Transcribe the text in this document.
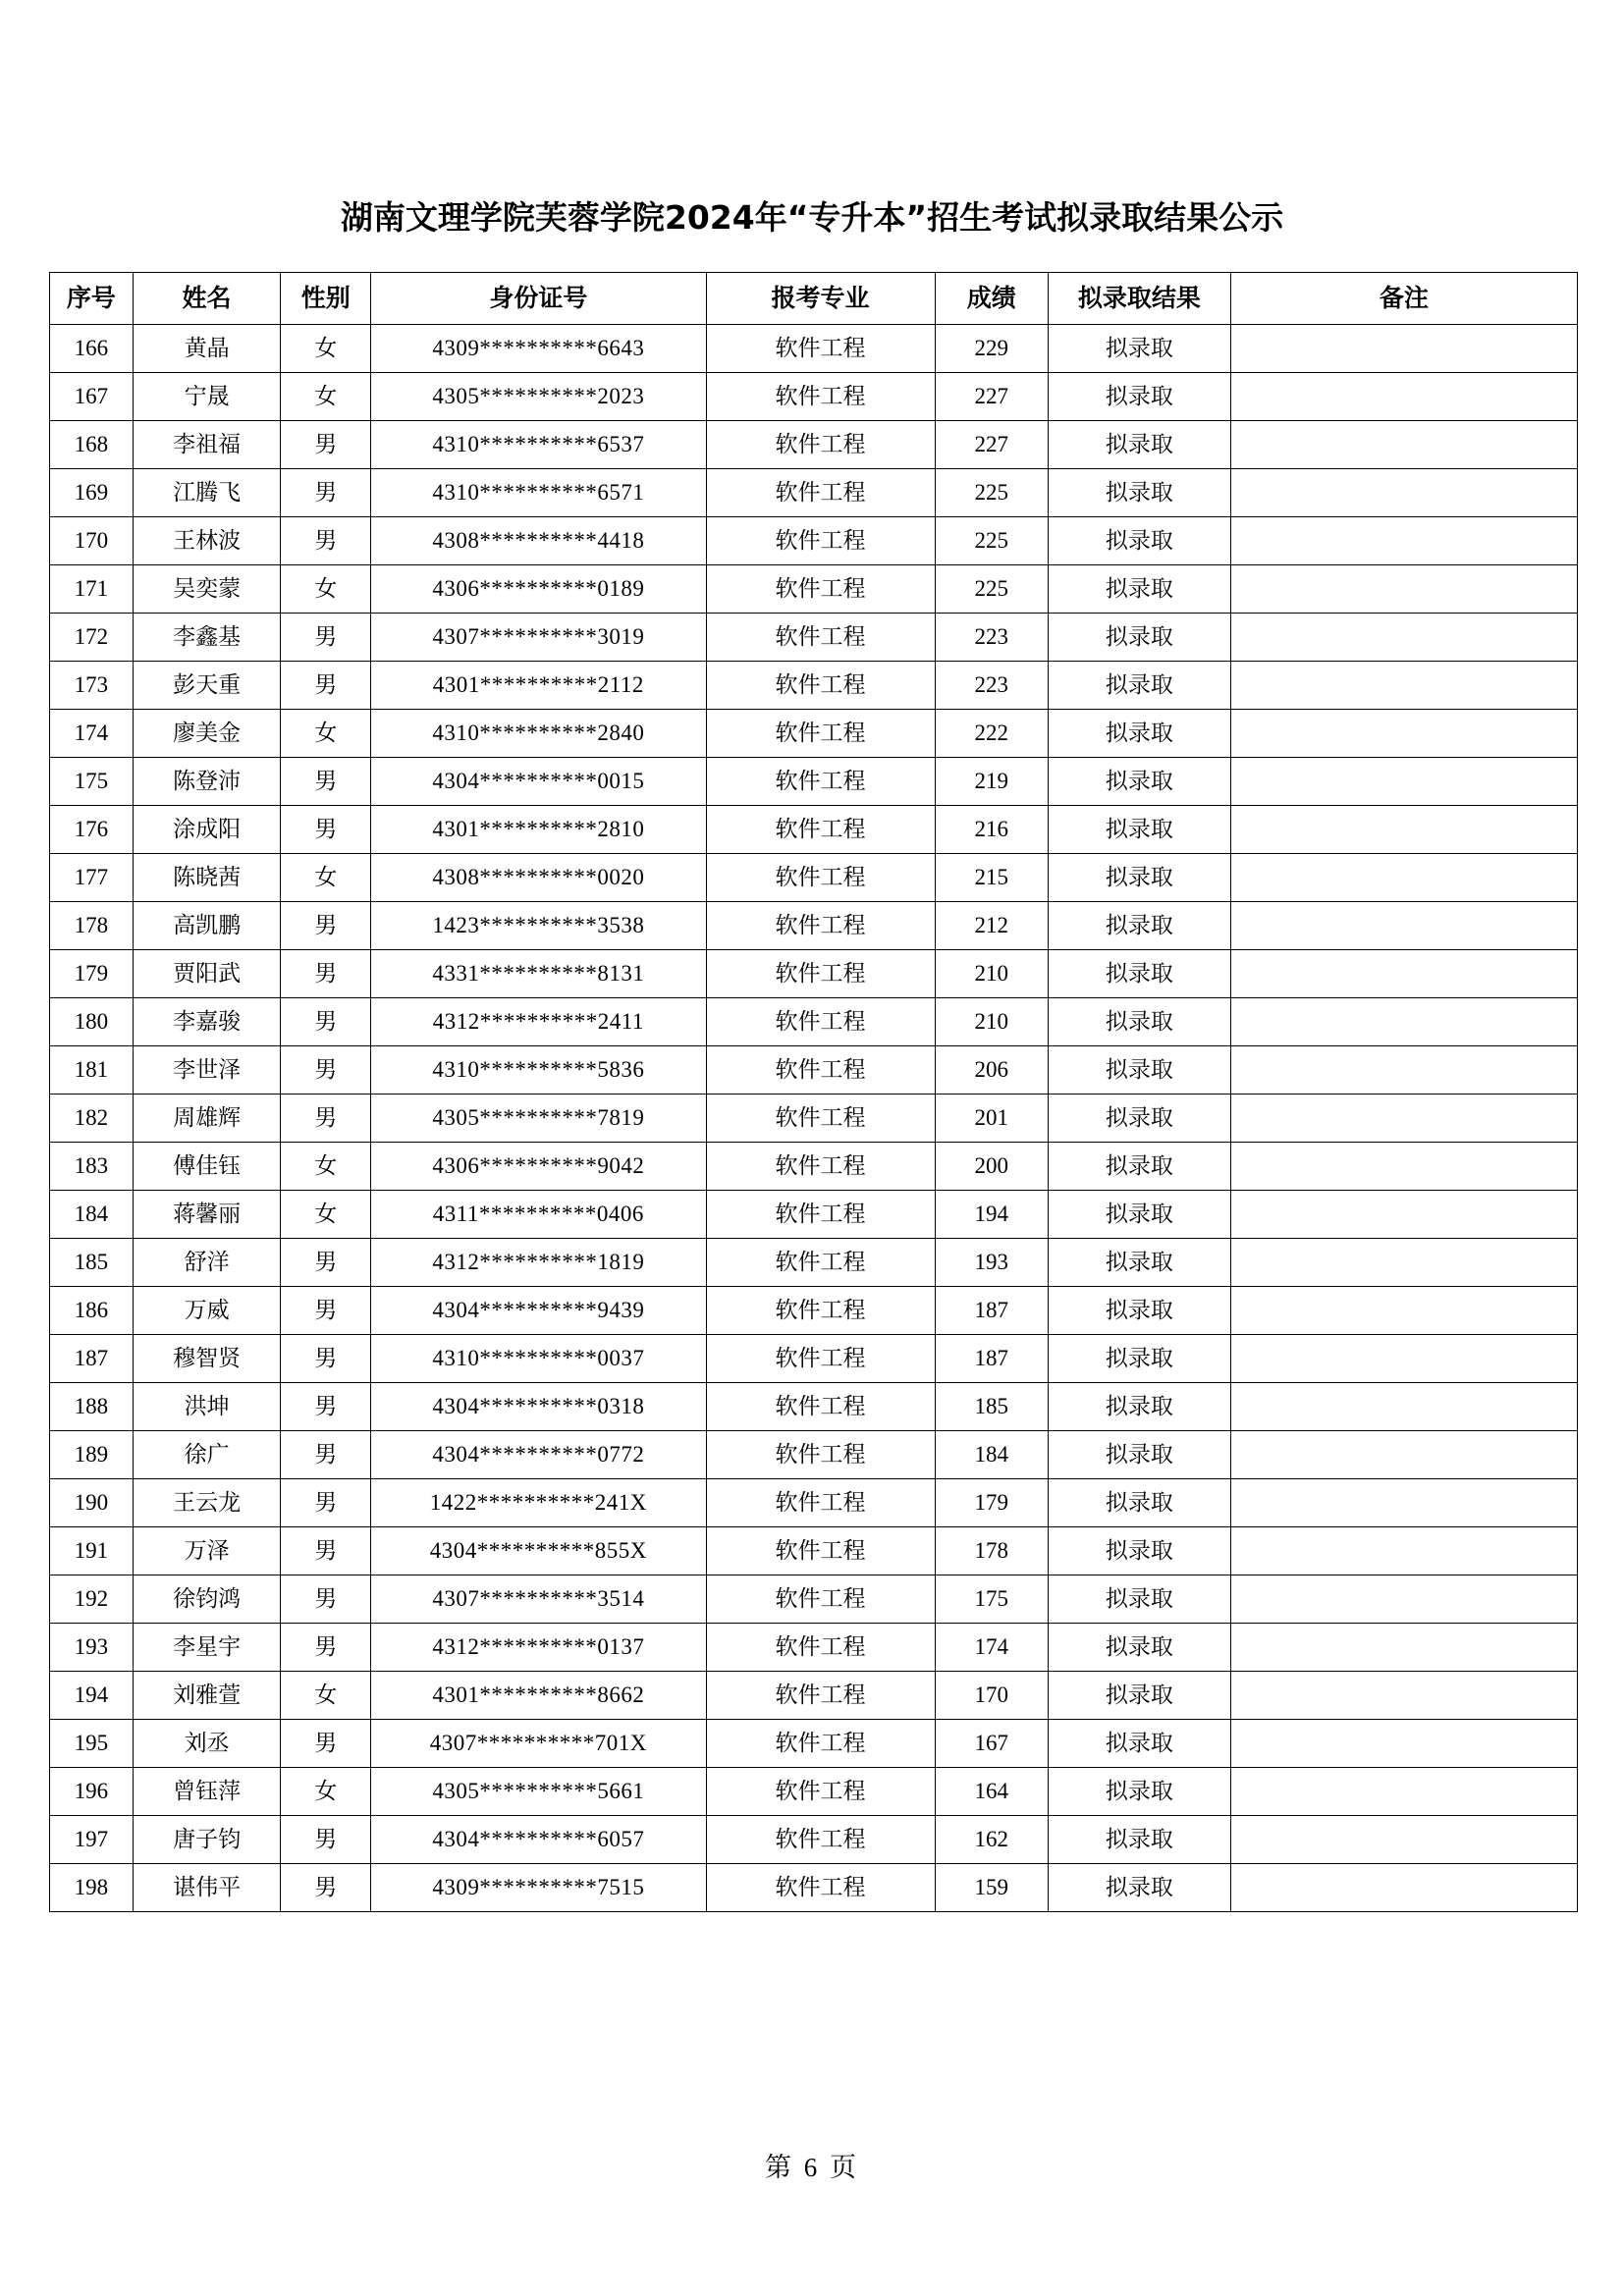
湖南文理学院芙蓉学院2024年“专升本”招生考试拟录取结果公示
序号	姓名	性别	身份证号	报考专业	成绩	拟录取结果	备注
166	黄晶	女	4309**********6643	软件工程	229	拟录取	
167	宁晟	女	4305**********2023	软件工程	227	拟录取	
168	李祖福	男	4310**********6537	软件工程	227	拟录取	
169	江腾飞	男	4310**********6571	软件工程	225	拟录取	
170	王林波	男	4308**********4418	软件工程	225	拟录取	
171	吴奕蒙	女	4306**********0189	软件工程	225	拟录取	
172	李鑫基	男	4307**********3019	软件工程	223	拟录取	
173	彭天重	男	4301**********2112	软件工程	223	拟录取	
174	廖美金	女	4310**********2840	软件工程	222	拟录取	
175	陈登沛	男	4304**********0015	软件工程	219	拟录取	
176	涂成阳	男	4301**********2810	软件工程	216	拟录取	
177	陈晓茜	女	4308**********0020	软件工程	215	拟录取	
178	高凯鹏	男	1423**********3538	软件工程	212	拟录取	
179	贾阳武	男	4331**********8131	软件工程	210	拟录取	
180	李嘉骏	男	4312**********2411	软件工程	210	拟录取	
181	李世泽	男	4310**********5836	软件工程	206	拟录取	
182	周雄辉	男	4305**********7819	软件工程	201	拟录取	
183	傅佳钰	女	4306**********9042	软件工程	200	拟录取	
184	蒋馨丽	女	4311**********0406	软件工程	194	拟录取	
185	舒洋	男	4312**********1819	软件工程	193	拟录取	
186	万威	男	4304**********9439	软件工程	187	拟录取	
187	穆智贤	男	4310**********0037	软件工程	187	拟录取	
188	洪坤	男	4304**********0318	软件工程	185	拟录取	
189	徐广	男	4304**********0772	软件工程	184	拟录取	
190	王云龙	男	1422**********241X	软件工程	179	拟录取	
191	万泽	男	4304**********855X	软件工程	178	拟录取	
192	徐钧鸿	男	4307**********3514	软件工程	175	拟录取	
193	李星宇	男	4312**********0137	软件工程	174	拟录取	
194	刘雅萱	女	4301**********8662	软件工程	170	拟录取	
195	刘丞	男	4307**********701X	软件工程	167	拟录取	
196	曾钰萍	女	4305**********5661	软件工程	164	拟录取	
197	唐子钧	男	4304**********6057	软件工程	162	拟录取	
198	谌伟平	男	4309**********7515	软件工程	159	拟录取	
第 6 页
